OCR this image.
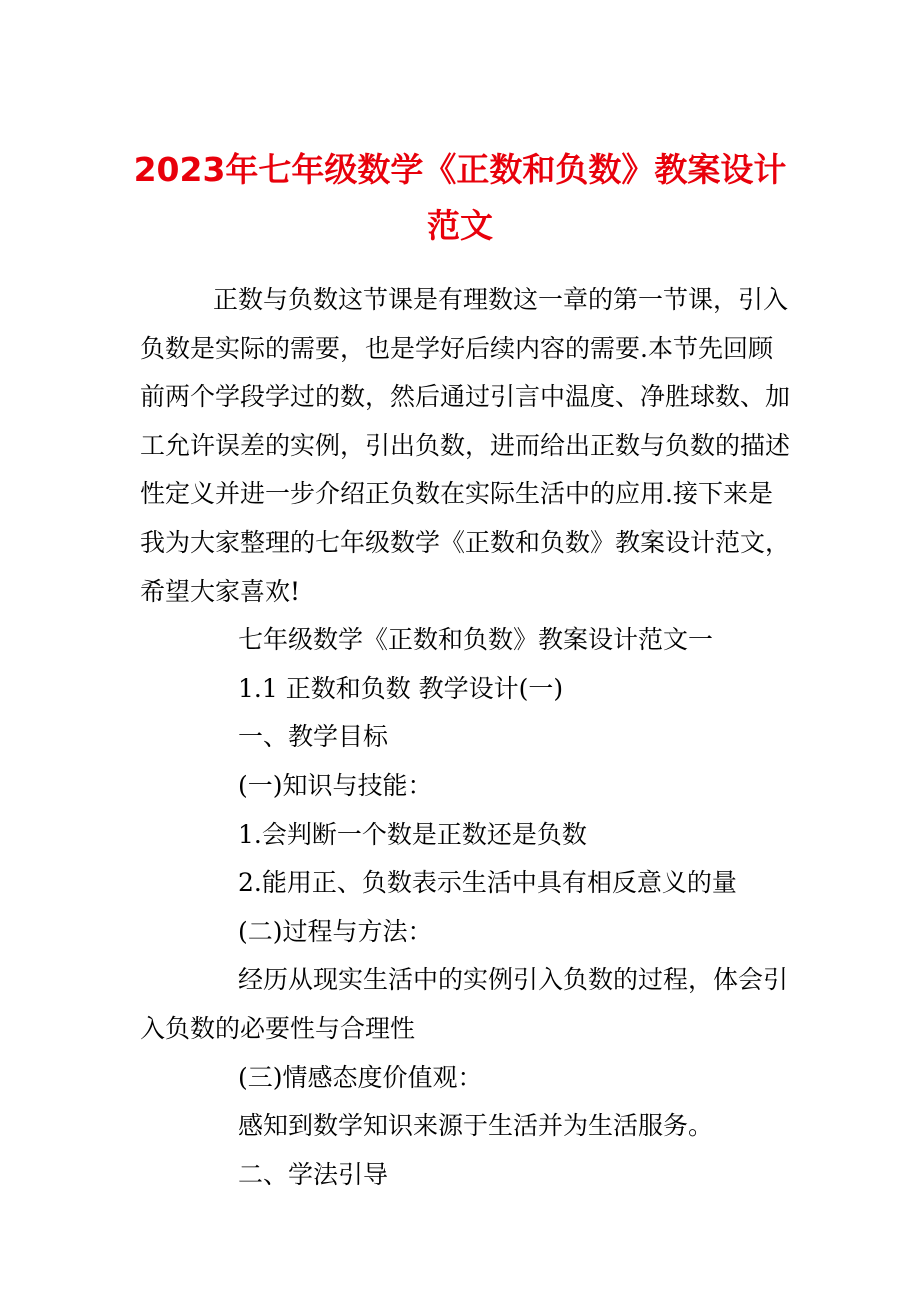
2023年七年级数学《正数和负数》教案设计
范文
正数与负数这节课是有理数这一章的第一节课，引入
负数是实际的需要，也是学好后续内容的需要.本节先回顾
前两个学段学过的数，然后通过引言中温度、净胜球数、加
工允许误差的实例，引出负数，进而给出正数与负数的描述
性定义并进一步介绍正负数在实际生活中的应用.接下来是
我为大家整理的七年级数学《正数和负数》教案设计范文，
希望大家喜欢!
七年级数学《正数和负数》教案设计范文一
1.1 正数和负数 教学设计(一)
一、教学目标
(一)知识与技能：
1.会判断一个数是正数还是负数
2.能用正、负数表示生活中具有相反意义的量
(二)过程与方法：
经历从现实生活中的实例引入负数的过程，体会引
入负数的必要性与合理性
(三)情感态度价值观：
感知到数学知识来源于生活并为生活服务。
二、学法引导
